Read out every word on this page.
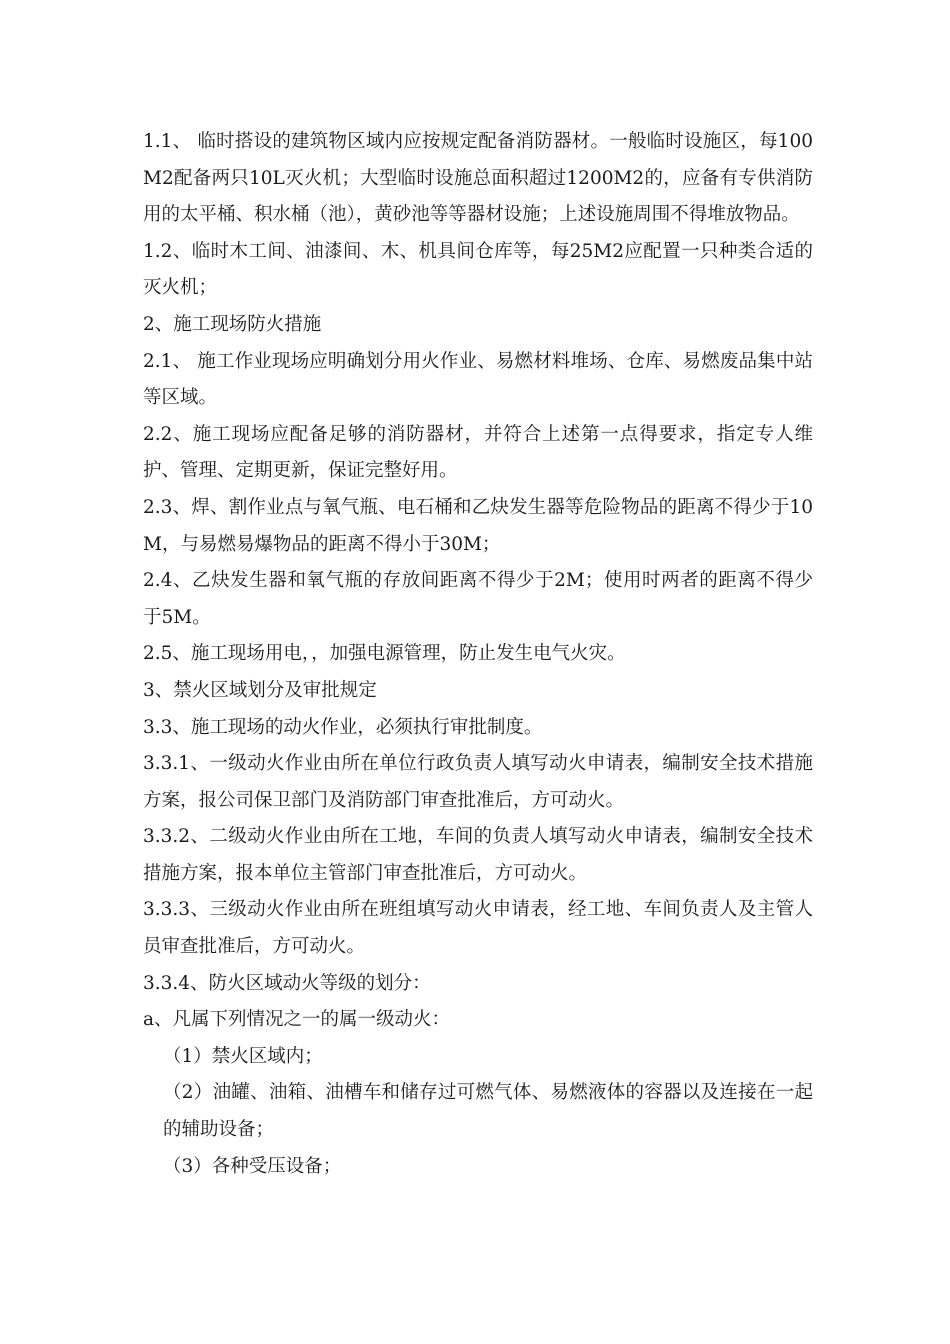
1.1、 临时搭设的建筑物区域内应按规定配备消防器材。一般临时设施区，每100M2配备两只10L灭火机；大型临时设施总面积超过1200M2的，应备有专供消防用的太平桶、积水桶（池），黄砂池等等器材设施；上述设施周围不得堆放物品。

1.2、临时木工间、油漆间、木、机具间仓库等，每25M2应配置一只种类合适的灭火机；

2、施工现场防火措施

2.1、 施工作业现场应明确划分用火作业、易燃材料堆场、仓库、易燃废品集中站等区域。

2.2、施工现场应配备足够的消防器材，并符合上述第一点得要求，指定专人维护、管理、定期更新，保证完整好用。

2.3、焊、割作业点与氧气瓶、电石桶和乙炔发生器等危险物品的距离不得少于10M，与易燃易爆物品的距离不得小于30M；

2.4、乙炔发生器和氧气瓶的存放间距离不得少于2M；使用时两者的距离不得少于5M。

2.5、施工现场用电，，加强电源管理，防止发生电气火灾。

3、禁火区域划分及审批规定

3.3、施工现场的动火作业，必须执行审批制度。

3.3.1、一级动火作业由所在单位行政负责人填写动火申请表，编制安全技术措施方案，报公司保卫部门及消防部门审查批准后，方可动火。

3.3.2、二级动火作业由所在工地，车间的负责人填写动火申请表，编制安全技术措施方案，报本单位主管部门审查批准后，方可动火。

3.3.3、三级动火作业由所在班组填写动火申请表，经工地、车间负责人及主管人员审查批准后，方可动火。

3.3.4、防火区域动火等级的划分：

a、凡属下列情况之一的属一级动火：

（1）禁火区域内；

（2）油罐、油箱、油槽车和储存过可燃气体、易燃液体的容器以及连接在一起的辅助设备；

（3）各种受压设备；
